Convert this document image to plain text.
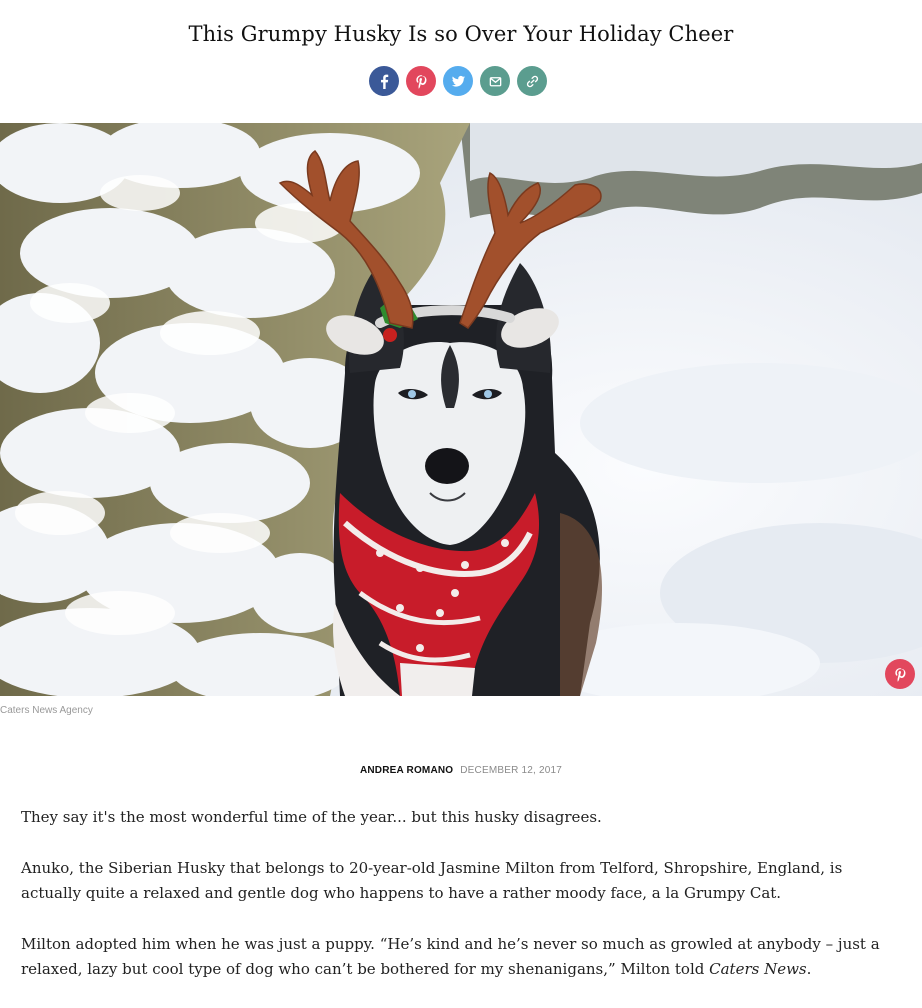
This Grumpy Husky Is so Over Your Holiday Cheer
Caters News Agency
ANDREA ROMANO DECEMBER 12, 2017

They say it's the most wonderful time of the year... but this husky disagrees.

Anuko, the Siberian Husky that belongs to 20-year-old Jasmine Milton from Telford, Shropshire, England, is actually quite a relaxed and gentle dog who happens to have a rather moody face, a la Grumpy Cat.

Milton adopted him when he was just a puppy. “He’s kind and he’s never so much as growled at anybody – just a relaxed, lazy but cool type of dog who can’t be bothered for my shenanigans,” Milton told Caters News.
